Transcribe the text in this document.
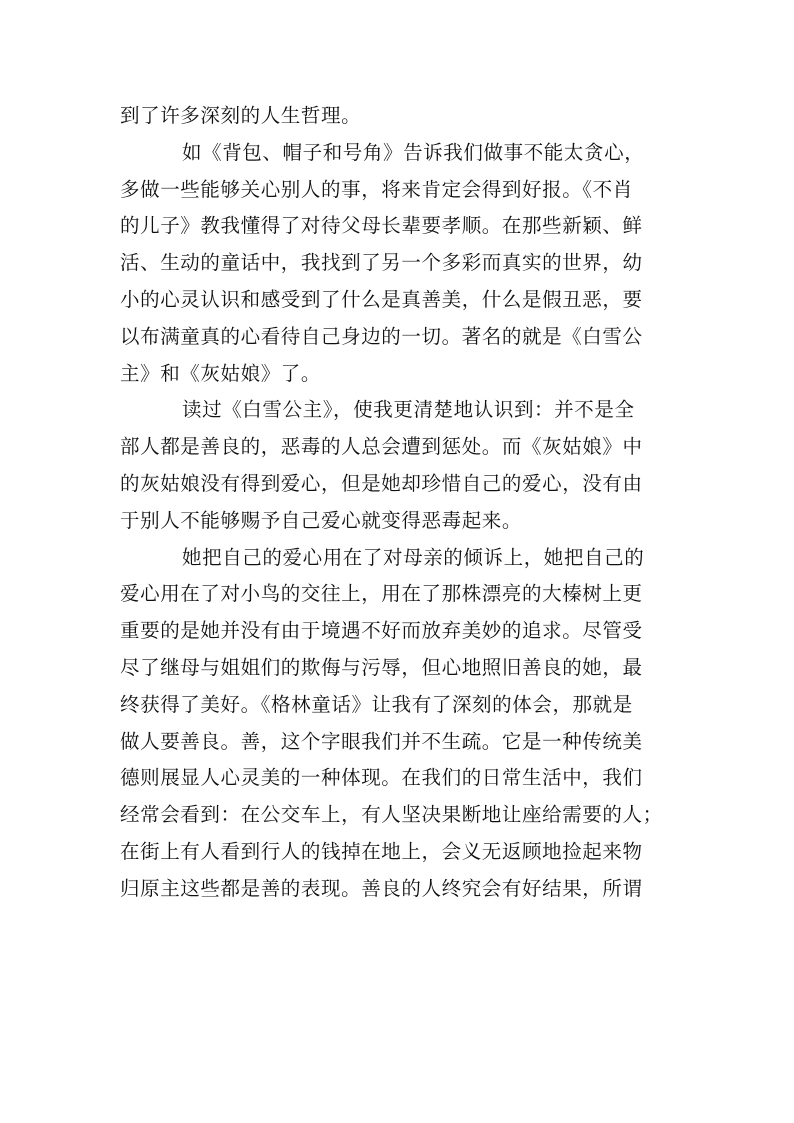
到了许多深刻的人生哲理。
如《背包、帽子和号角》告诉我们做事不能太贪心，
多做一些能够关心别人的事，将来肯定会得到好报。《不肖
的儿子》教我懂得了对待父母长辈要孝顺。在那些新颖、鲜
活、生动的童话中，我找到了另一个多彩而真实的世界，幼
小的心灵认识和感受到了什么是真善美，什么是假丑恶，要
以布满童真的心看待自己身边的一切。著名的就是《白雪公
主》和《灰姑娘》了。
读过《白雪公主》，使我更清楚地认识到：并不是全
部人都是善良的，恶毒的人总会遭到惩处。而《灰姑娘》中
的灰姑娘没有得到爱心，但是她却珍惜自己的爱心，没有由
于别人不能够赐予自己爱心就变得恶毒起来。
她把自己的爱心用在了对母亲的倾诉上，她把自己的
爱心用在了对小鸟的交往上，用在了那株漂亮的大榛树上更
重要的是她并没有由于境遇不好而放弃美妙的追求。尽管受
尽了继母与姐姐们的欺侮与污辱，但心地照旧善良的她，最
终获得了美好。《格林童话》让我有了深刻的体会，那就是
做人要善良。善，这个字眼我们并不生疏。它是一种传统美
德则展显人心灵美的一种体现。在我们的日常生活中，我们
经常会看到：在公交车上，有人坚决果断地让座给需要的人；
在街上有人看到行人的钱掉在地上，会义无返顾地捡起来物
归原主这些都是善的表现。善良的人终究会有好结果，所谓
